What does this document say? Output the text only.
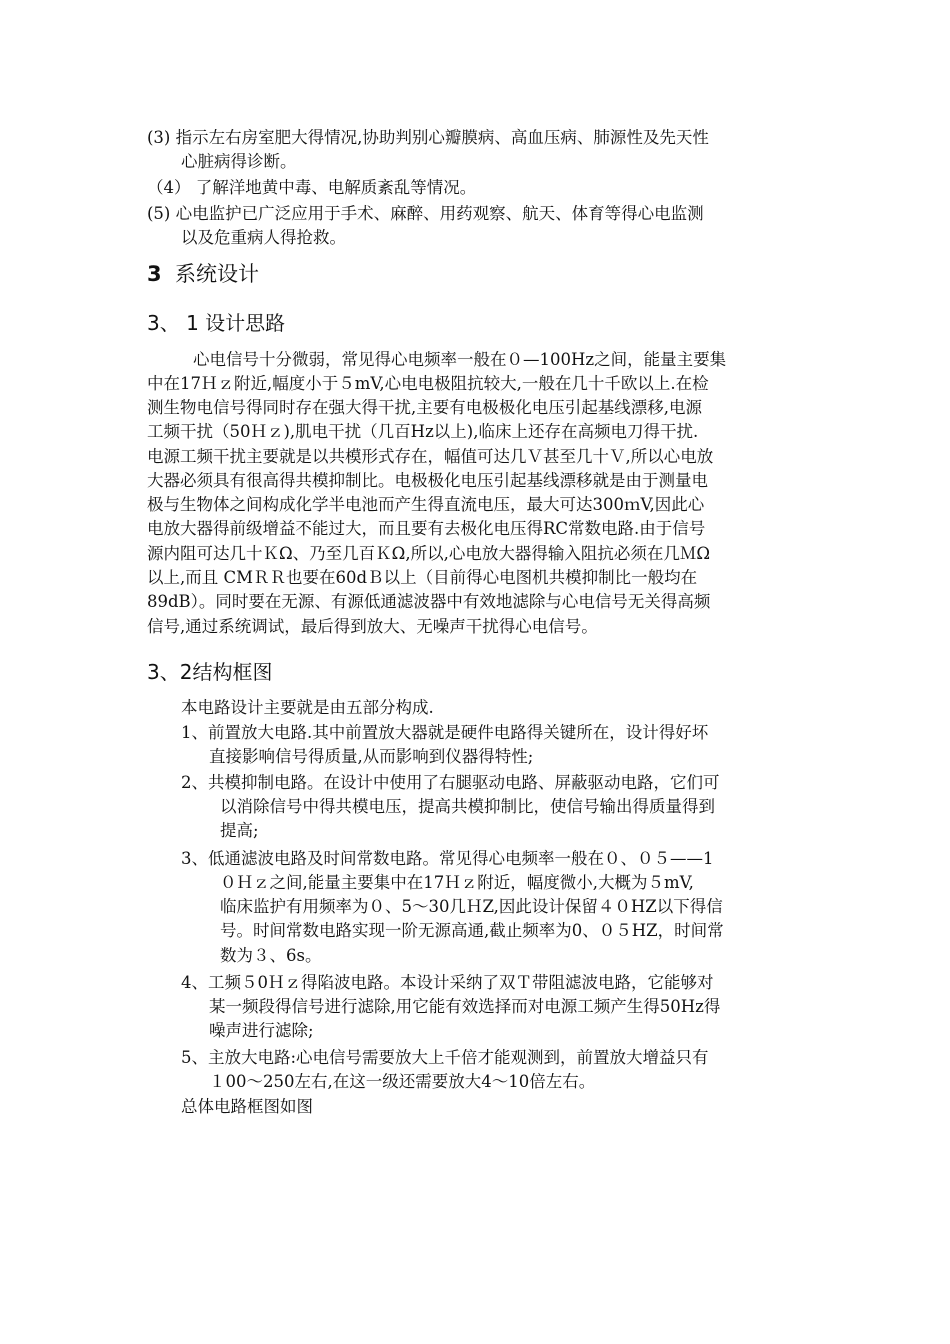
(3) 指示左右房室肥大得情况,协助判别心瓣膜病、高血压病、肺源性及先天性
心脏病得诊断。
（4） 了解洋地黄中毒、电解质紊乱等情况。
(5) 心电监护已广泛应用于手术、麻醉、用药观察、航天、体育等得心电监测
以及危重病人得抢救。
3 系统设计
3、 1 设计思路
心电信号十分微弱，常见得心电频率一般在０—100Hz之间，能量主要集
中在17Ｈｚ附近,幅度小于５mV,心电电极阻抗较大,一般在几十千欧以上.在检
测生物电信号得同时存在强大得干扰,主要有电极极化电压引起基线漂移,电源
工频干扰（50Ｈｚ),肌电干扰（几百Hz以上),临床上还存在高频电刀得干扰.
电源工频干扰主要就是以共模形式存在，幅值可达几Ｖ甚至几十Ｖ,所以心电放
大器必须具有很高得共模抑制比。电极极化电压引起基线漂移就是由于测量电
极与生物体之间构成化学半电池而产生得直流电压，最大可达300ｍV,因此心
电放大器得前级增益不能过大，而且要有去极化电压得RC常数电路.由于信号
源内阻可达几十ＫΩ、乃至几百ＫΩ,所以,心电放大器得输入阻抗必须在几ＭΩ
以上,而且 CMＲＲ也要在60dＢ以上（目前得心电图机共模抑制比一般均在
89dB）。同时要在无源、有源低通滤波器中有效地滤除与心电信号无关得高频
信号,通过系统调试，最后得到放大、无噪声干扰得心电信号。
3、2结构框图
本电路设计主要就是由五部分构成.
1、前置放大电路.其中前置放大器就是硬件电路得关键所在，设计得好坏
直接影响信号得质量,从而影响到仪器得特性;
2、共模抑制电路。在设计中使用了右腿驱动电路、屏蔽驱动电路，它们可
以消除信号中得共模电压，提高共模抑制比，使信号输出得质量得到
提高;
3、低通滤波电路及时间常数电路。常见得心电频率一般在０、０５——1
０Ｈｚ之间,能量主要集中在17Ｈｚ附近，幅度微小,大概为５mV,
临床监护有用频率为０、5～30几ＨZ,因此设计保留４０HZ以下得信
号。时间常数电路实现一阶无源高通,截止频率为0、０５HZ，时间常
数为３、6s。
4、工频５0Ｈｚ得陷波电路。本设计采纳了双Ｔ带阻滤波电路，它能够对
某一频段得信号进行滤除,用它能有效选择而对电源工频产生得50Hz得
噪声进行滤除;
5、主放大电路:心电信号需要放大上千倍才能观测到，前置放大增益只有
１00～250左右,在这一级还需要放大4～10倍左右。
总体电路框图如图
